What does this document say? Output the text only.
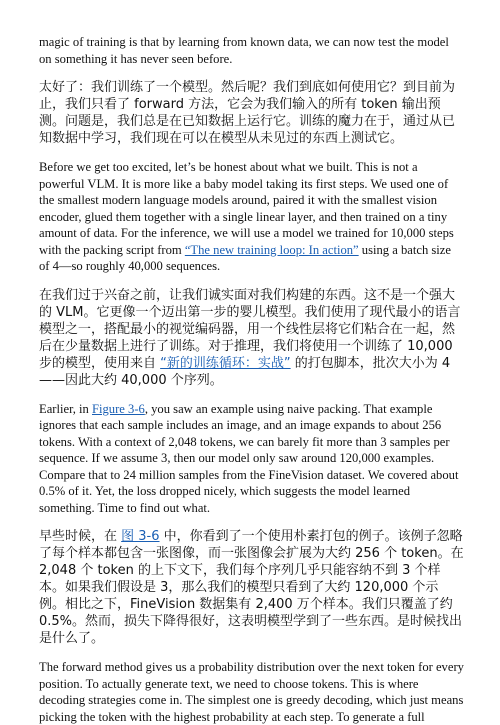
magic of training is that by learning from known data, we can now test the model on something it has never seen before.

太好了：我们训练了一个模型。然后呢？我们到底如何使用它？到目前为止，我们只看了 forward 方法，它会为我们输入的所有 token 输出预测。问题是，我们总是在已知数据上运行它。训练的魔力在于，通过从已知数据中学习，我们现在可以在模型从未见过的东西上测试它。

Before we get too excited, let’s be honest about what we built. This is not a powerful VLM. It is more like a baby model taking its first steps. We used one of the smallest modern language models around, paired it with the smallest vision encoder, glued them together with a single linear layer, and then trained on a tiny amount of data. For the inference, we will use a model we trained for 10,000 steps with the packing script from “The new training loop: In action” using a batch size of 4—so roughly 40,000 sequences.

在我们过于兴奋之前，让我们诚实面对我们构建的东西。这不是一个强大的 VLM。它更像一个迈出第一步的婴儿模型。我们使用了现代最小的语言模型之一，搭配最小的视觉编码器，用一个线性层将它们粘合在一起，然后在少量数据上进行了训练。对于推理，我们将使用一个训练了 10,000 步的模型，使用来自 “新的训练循环：实战” 的打包脚本，批次大小为 4——因此大约 40,000 个序列。

Earlier, in Figure 3-6, you saw an example using naive packing. That example ignores that each sample includes an image, and an image expands to about 256 tokens. With a context of 2,048 tokens, we can barely fit more than 3 samples per sequence. If we assume 3, then our model only saw around 120,000 examples. Compare that to 24 million samples from the FineVision dataset. We covered about 0.5% of it. Yet, the loss dropped nicely, which suggests the model learned something. Time to find out what.

早些时候，在 图 3-6 中，你看到了一个使用朴素打包的例子。该例子忽略了每个样本都包含一张图像，而一张图像会扩展为大约 256 个 token。在 2,048 个 token 的上下文下，我们每个序列几乎只能容纳不到 3 个样本。如果我们假设是 3，那么我们的模型只看到了大约 120,000 个示例。相比之下，FineVision 数据集有 2,400 万个样本。我们只覆盖了约 0.5%。然而，损失下降得很好，这表明模型学到了一些东西。是时候找出是什么了。

The forward method gives us a probability distribution over the next token for every position. To actually generate text, we need to choose tokens. This is where decoding strategies come in. The simplest one is greedy decoding, which just means picking the token with the highest probability at each step. To generate a full
